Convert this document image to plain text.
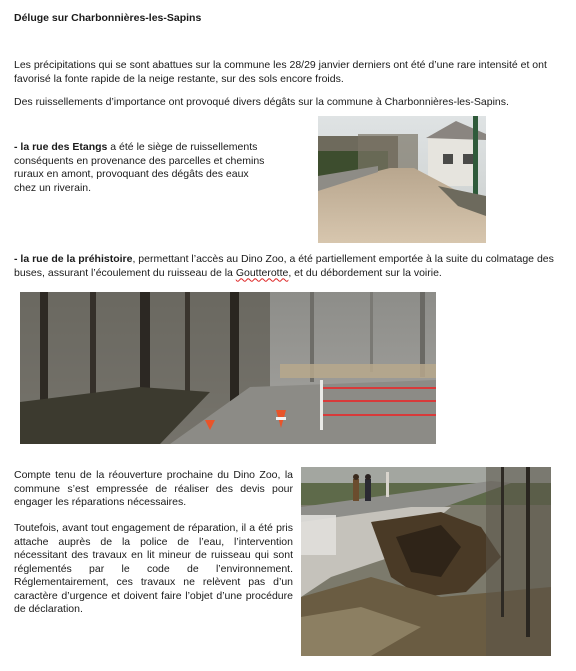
Déluge sur Charbonnières-les-Sapins

Les précipitations qui se sont abattues sur la commune les 28/29 janvier derniers ont été d’une rare intensité et ont favorisé la fonte rapide de la neige restante, sur des sols encore froids.

Des ruissellements d’importance ont provoqué divers dégâts sur la commune à Charbonnières-les-Sapins.

- la rue des Etangs a été le siège de ruissellements conséquents en provenance des parcelles et chemins ruraux en amont, provoquant des dégâts des eaux chez un riverain.

- la rue de la préhistoire, permettant l’accès au Dino Zoo, a été partiellement emportée à la suite du colmatage des buses, assurant l’écoulement du ruisseau de la Goutterotte, et du débordement sur la voirie.

Compte tenu de la réouverture prochaine du Dino Zoo, la commune s’est empressée de réaliser des devis pour engager les réparations nécessaires.

Toutefois, avant tout engagement de réparation, il a été pris attache auprès de la police de l’eau, l’intervention nécessitant des travaux en lit mineur de ruisseau qui sont réglementés par le code de l’environnement. Réglementairement, ces travaux ne relèvent pas d’un caractère d’urgence et doivent faire l’objet d’une procédure de déclaration.
